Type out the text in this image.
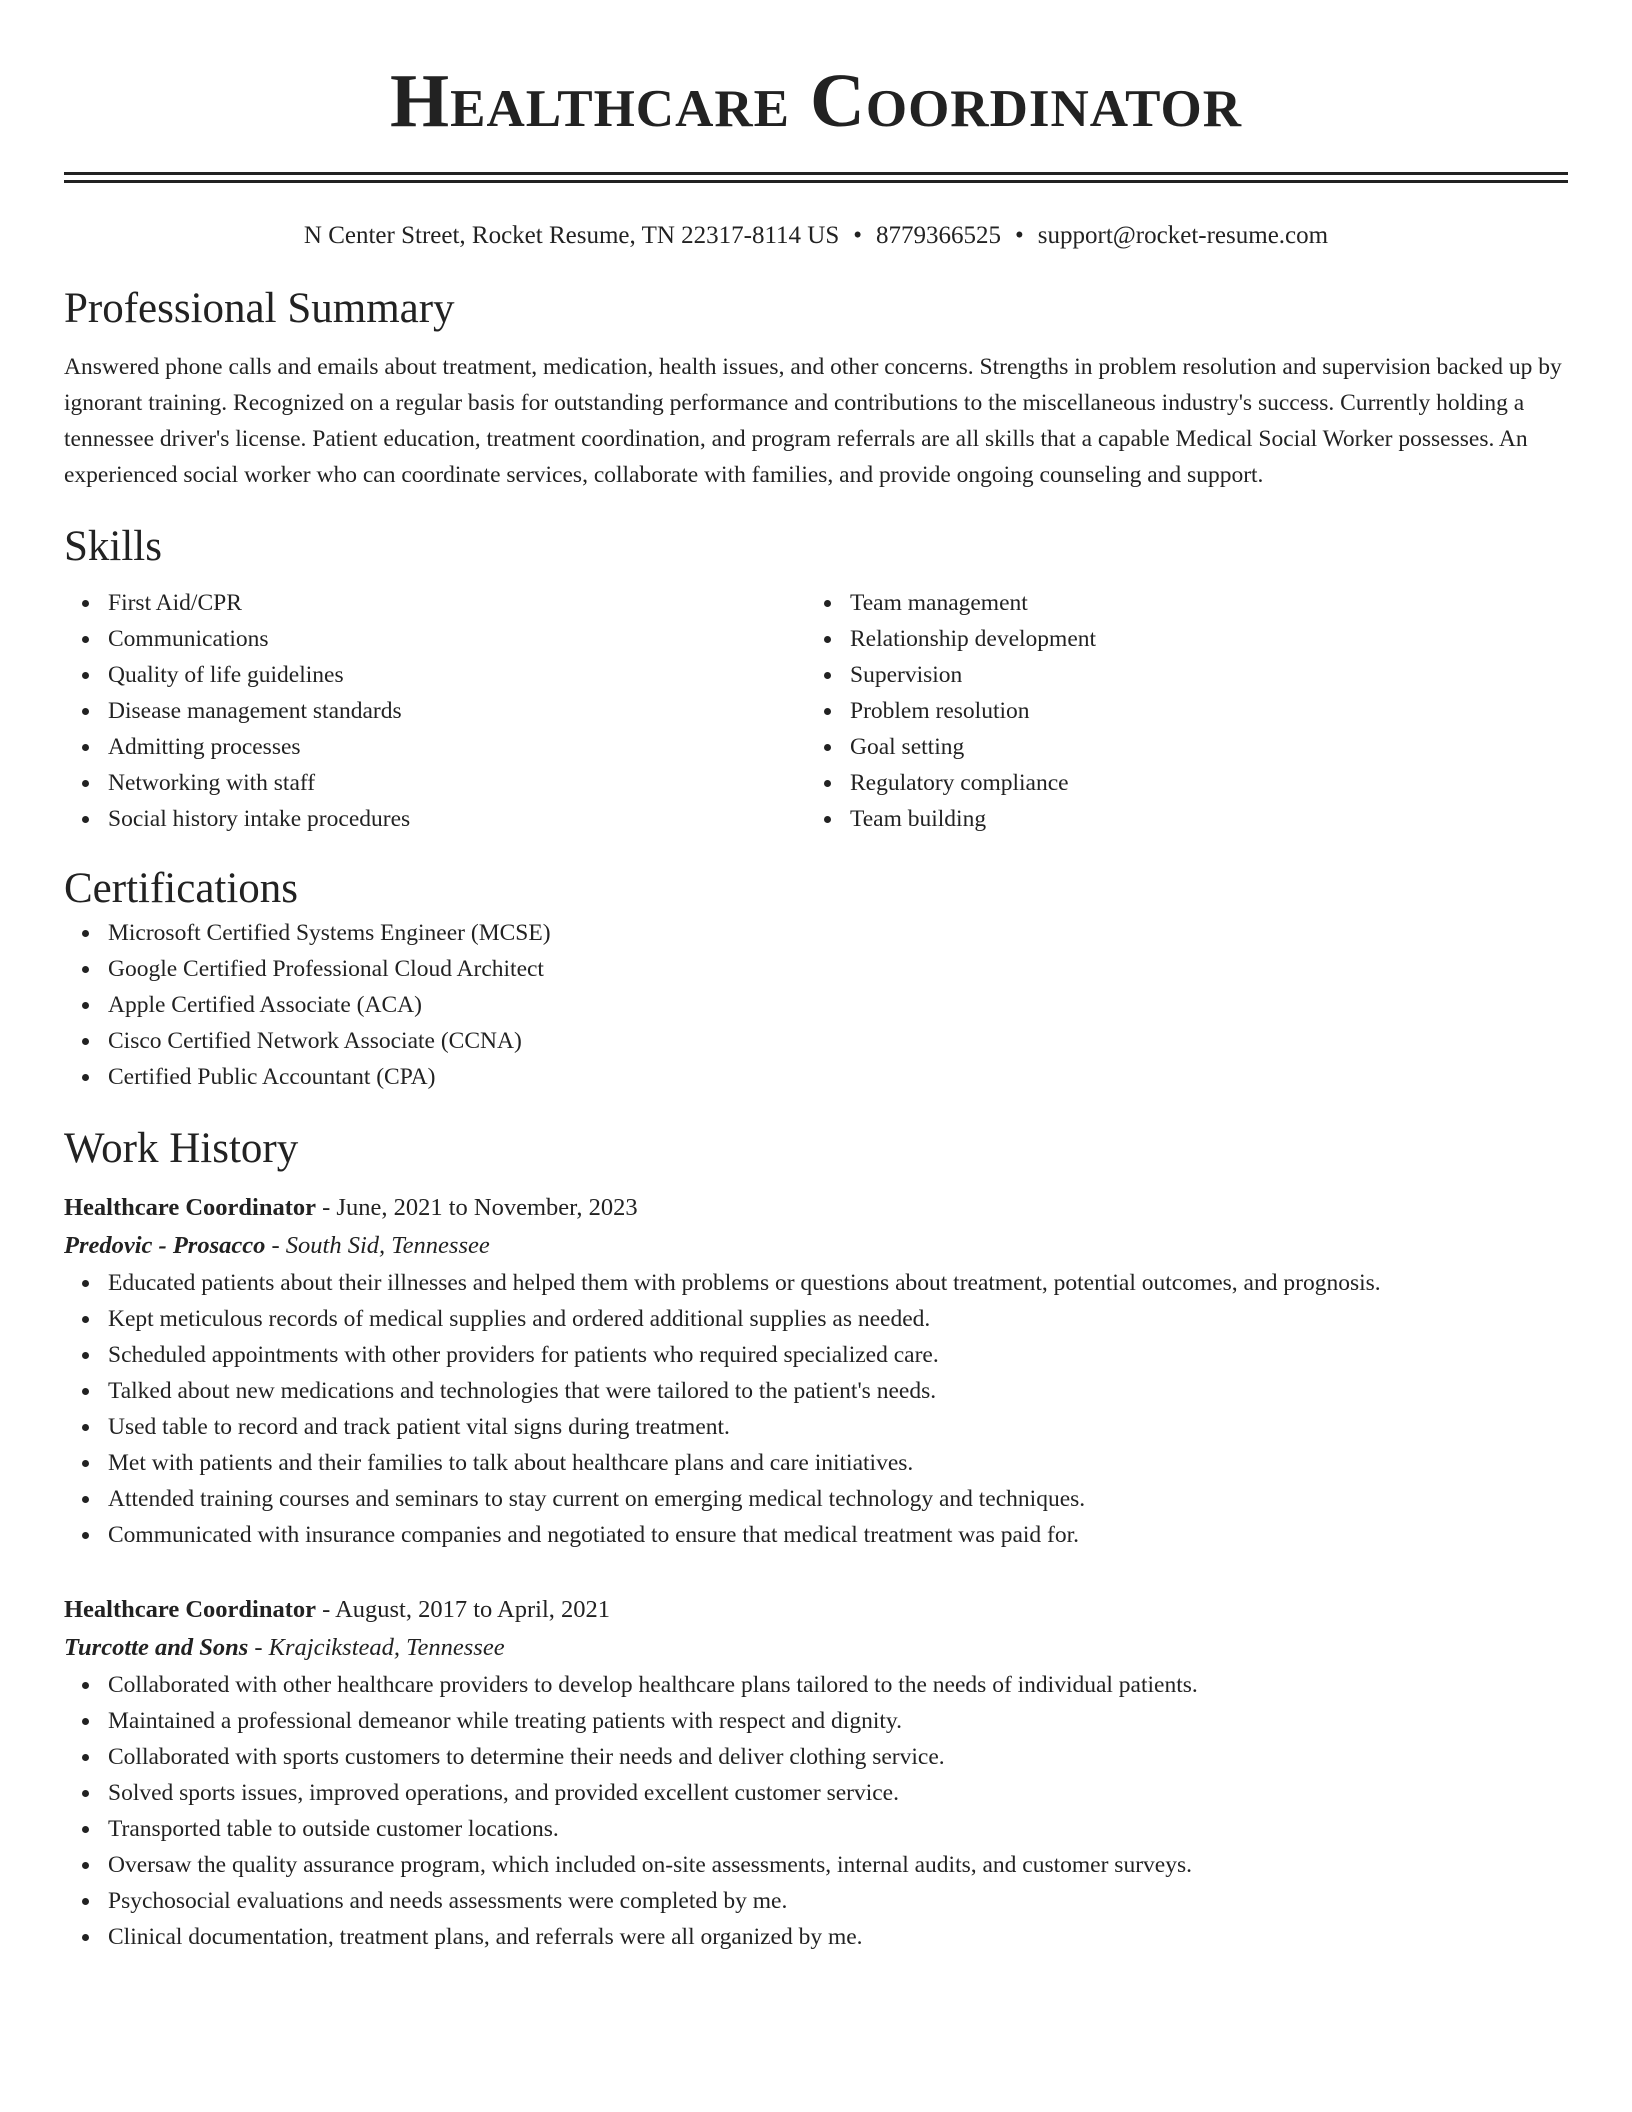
Healthcare Coordinator
N Center Street, Rocket Resume, TN 22317-8114 US • 8779366525 • support@rocket-resume.com
Professional Summary

Answered phone calls and emails about treatment, medication, health issues, and other concerns. Strengths in problem resolution and supervision backed up by ignorant training. Recognized on a regular basis for outstanding performance and contributions to the miscellaneous industry's success. Currently holding a tennessee driver's license. Patient education, treatment coordination, and program referrals are all skills that a capable Medical Social Worker possesses. An experienced social worker who can coordinate services, collaborate with families, and provide ongoing counseling and support.

Skills
First Aid/CPR
Communications
Quality of life guidelines
Disease management standards
Admitting processes
Networking with staff
Social history intake procedures
Team management
Relationship development
Supervision
Problem resolution
Goal setting
Regulatory compliance
Team building
Certifications
Microsoft Certified Systems Engineer (MCSE)
Google Certified Professional Cloud Architect
Apple Certified Associate (ACA)
Cisco Certified Network Associate (CCNA)
Certified Public Accountant (CPA)
Work History
Healthcare Coordinator - June, 2021 to November, 2023
Predovic - Prosacco - South Sid, Tennessee
Educated patients about their illnesses and helped them with problems or questions about treatment, potential outcomes, and prognosis.
Kept meticulous records of medical supplies and ordered additional supplies as needed.
Scheduled appointments with other providers for patients who required specialized care.
Talked about new medications and technologies that were tailored to the patient's needs.
Used table to record and track patient vital signs during treatment.
Met with patients and their families to talk about healthcare plans and care initiatives.
Attended training courses and seminars to stay current on emerging medical technology and techniques.
Communicated with insurance companies and negotiated to ensure that medical treatment was paid for.
Healthcare Coordinator - August, 2017 to April, 2021
Turcotte and Sons - Krajcikstead, Tennessee
Collaborated with other healthcare providers to develop healthcare plans tailored to the needs of individual patients.
Maintained a professional demeanor while treating patients with respect and dignity.
Collaborated with sports customers to determine their needs and deliver clothing service.
Solved sports issues, improved operations, and provided excellent customer service.
Transported table to outside customer locations.
Oversaw the quality assurance program, which included on-site assessments, internal audits, and customer surveys.
Psychosocial evaluations and needs assessments were completed by me.
Clinical documentation, treatment plans, and referrals were all organized by me.
